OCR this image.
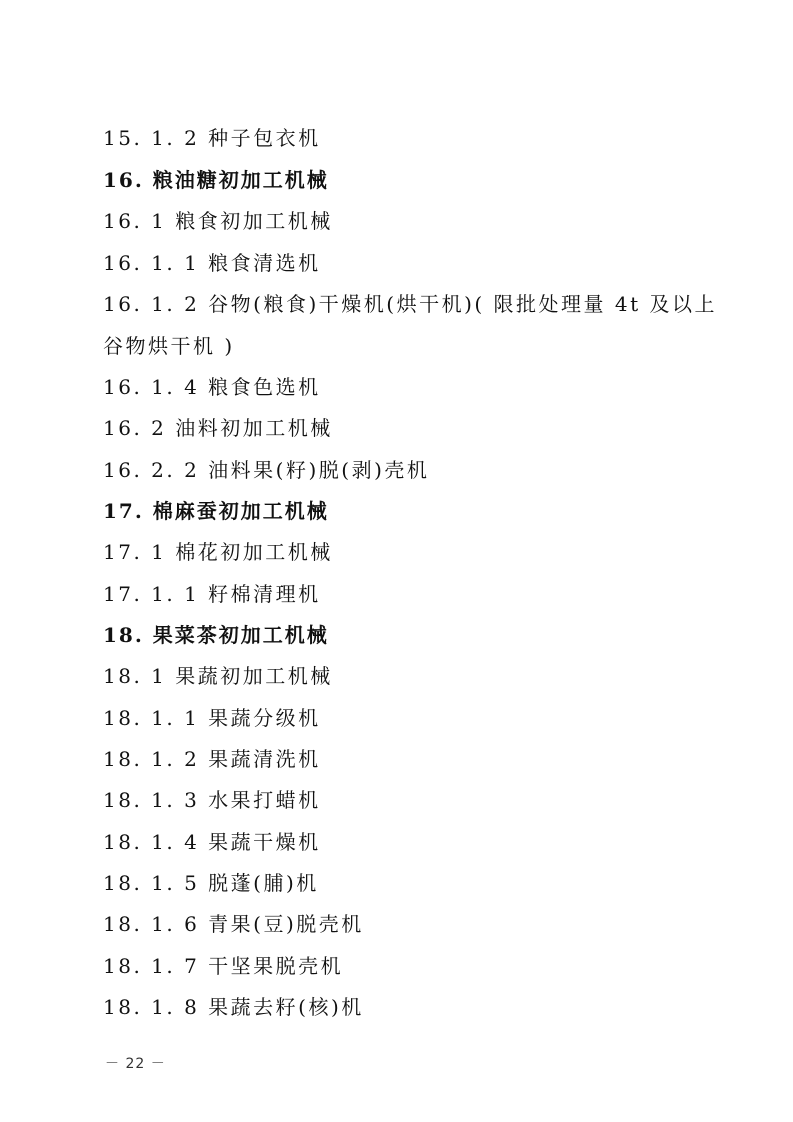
15. 1. 2 种子包衣机
16. 粮油糖初加工机械
16. 1 粮食初加工机械
16. 1. 1 粮食清选机
16. 1. 2 谷物(粮食)干燥机(烘干机)( 限批处理量 4t 及以上
谷物烘干机 )
16. 1. 4 粮食色选机
16. 2 油料初加工机械
16. 2. 2 油料果(籽)脱(剥)壳机
17. 棉麻蚕初加工机械
17. 1 棉花初加工机械
17. 1. 1 籽棉清理机
18. 果菜茶初加工机械
18. 1 果蔬初加工机械
18. 1. 1 果蔬分级机
18. 1. 2 果蔬清洗机
18. 1. 3 水果打蜡机
18. 1. 4 果蔬干燥机
18. 1. 5 脱蓬(脯)机
18. 1. 6 青果(豆)脱壳机
18. 1. 7 干坚果脱壳机
18. 1. 8 果蔬去籽(核)机
－ 22 －
